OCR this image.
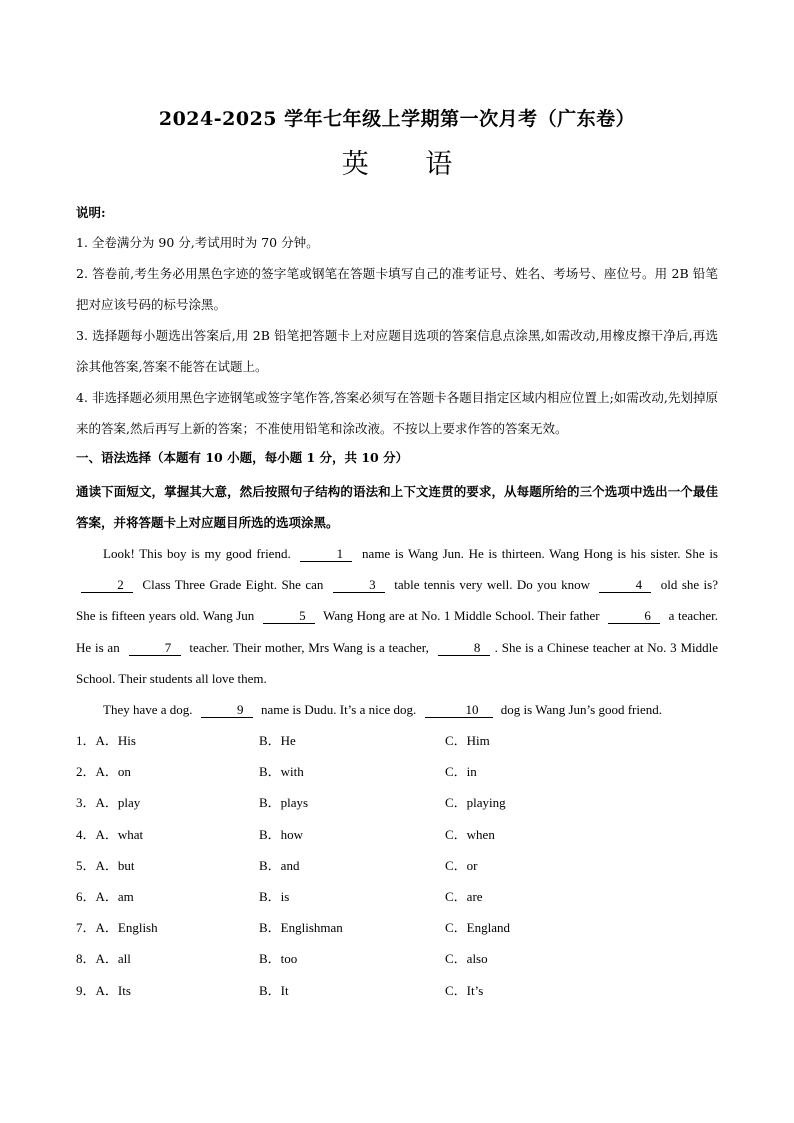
2024-2025 学年七年级上学期第一次月考（广东卷）
英 语
说明:
1. 全卷满分为 90 分,考试用时为 70 分钟。
2. 答卷前,考生务必用黑色字迹的签字笔或钢笔在答题卡填写自己的准考证号、姓名、考场号、座位号。用 2B 铅笔把对应该号码的标号涂黑。
3. 选择题每小题选出答案后,用 2B 铅笔把答题卡上对应题目选项的答案信息点涂黑,如需改动,用橡皮擦干净后,再选涂其他答案,答案不能答在试题上。
4. 非选择题必须用黑色字迹钢笔或签字笔作答,答案必须写在答题卡各题目指定区域内相应位置上;如需改动,先划掉原来的答案,然后再写上新的答案；不准使用铅笔和涂改液。不按以上要求作答的答案无效。
一、语法选择（本题有 10 小题，每小题 1 分，共 10 分）
通读下面短文，掌握其大意，然后按照句子结构的语法和上下文连贯的要求，从每题所给的三个选项中选出一个最佳答案，并将答题卡上对应题目所选的选项涂黑。

Look! This boy is my good friend.	1 name is Wang Jun. He is thirteen. Wang Hong is his sister. She is 2 Class Three Grade Eight. She can	3 table tennis very well. Do you know	4 old she is? She is fifteen years old. Wang Jun	5 Wang Hong are at No. 1 Middle School. Their father	6 a teacher. He is an	7 teacher. Their mother, Mrs Wang is a teacher,	8 . She is a Chinese teacher at No. 3 Middle School. Their students all love them.

They have a dog.	9 name is Dudu. It’s a nice dog.	10 dog is Wang Jun’s good friend.

1．A．His	B．He	C．Him
2．A．on	B．with	C．in
3．A．play	B．plays	C．playing
4．A．what	B．how	C．when
5．A．but	B．and	C．or
6．A．am	B．is	C．are
7．A．English	B．Englishman	C．England
8．A．all	B．too	C．also
9．A．Its	B．It	C．It’s
